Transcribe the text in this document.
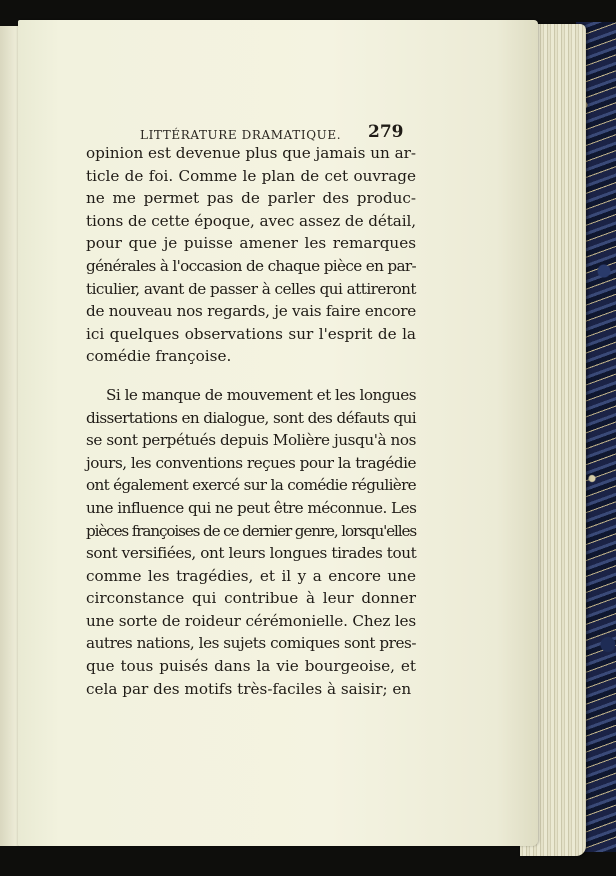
LITTÉRATURE DRAMATIQUE. 279
opinion est devenue plus que jamais un ar-
ticle de foi. Comme le plan de cet ouvrage
ne me permet pas de parler des produc-
tions de cette époque, avec assez de détail,
pour que je puisse amener les remarques
générales à l'occasion de chaque pièce en par-
ticulier, avant de passer à celles qui attireront
de nouveau nos regards, je vais faire encore
ici quelques observations sur l'esprit de la
comédie françoise.
Si le manque de mouvement et les longues
dissertations en dialogue, sont des défauts qui
se sont perpétués depuis Molière jusqu'à nos
jours, les conventions reçues pour la tragédie
ont également exercé sur la comédie régulière
une influence qui ne peut être méconnue. Les
pièces françoises de ce dernier genre, lorsqu'elles
sont versifiées, ont leurs longues tirades tout
comme les tragédies, et il y a encore une
circonstance qui contribue à leur donner
une sorte de roideur cérémonielle. Chez les
autres nations, les sujets comiques sont pres-
que tous puisés dans la vie bourgeoise, et
cela par des motifs très-faciles à saisir; en
